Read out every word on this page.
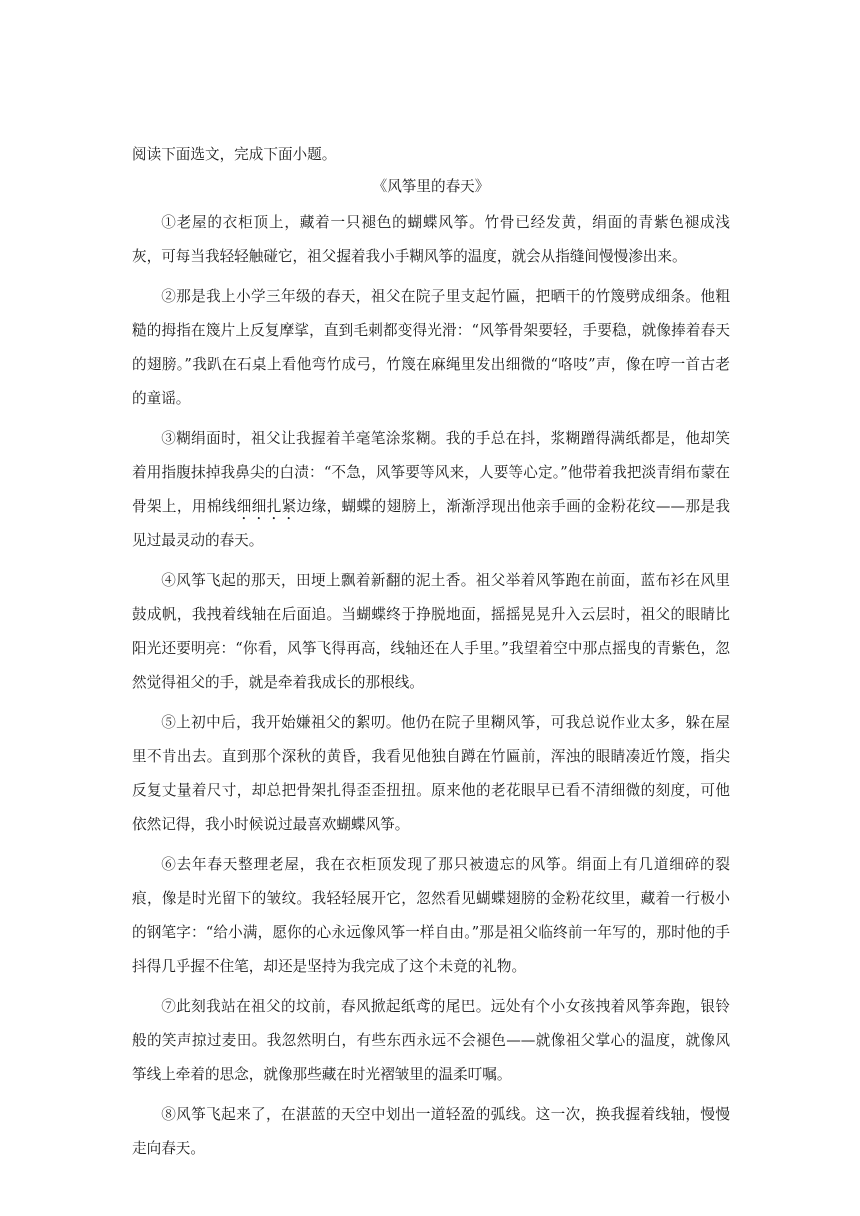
阅读下面选文，完成下面小题。

《风筝里的春天》

①老屋的衣柜顶上，藏着一只褪色的蝴蝶风筝。竹骨已经发黄，绢面的青紫色褪成浅灰，可每当我轻轻触碰它，祖父握着我小手糊风筝的温度，就会从指缝间慢慢渗出来。

②那是我上小学三年级的春天，祖父在院子里支起竹匾，把晒干的竹篾劈成细条。他粗糙的拇指在篾片上反复摩挲，直到毛刺都变得光滑：“风筝骨架要轻，手要稳，就像捧着春天的翅膀。”我趴在石桌上看他弯竹成弓，竹篾在麻绳里发出细微的“咯吱”声，像在哼一首古老的童谣。

③糊绢面时，祖父让我握着羊毫笔涂浆糊。我的手总在抖，浆糊蹭得满纸都是，他却笑着用指腹抹掉我鼻尖的白渍：“不急，风筝要等风来，人要等心定。”他带着我把淡青绢布蒙在骨架上，用棉线细细扎紧边缘，蝴蝶的翅膀上，渐渐浮现出他亲手画的金粉花纹——那是我见过最灵动的春天。

④风筝飞起的那天，田埂上飘着新翻的泥土香。祖父举着风筝跑在前面，蓝布衫在风里鼓成帆，我拽着线轴在后面追。当蝴蝶终于挣脱地面，摇摇晃晃升入云层时，祖父的眼睛比阳光还要明亮：“你看，风筝飞得再高，线轴还在人手里。”我望着空中那点摇曳的青紫色，忽然觉得祖父的手，就是牵着我成长的那根线。

⑤上初中后，我开始嫌祖父的絮叨。他仍在院子里糊风筝，可我总说作业太多，躲在屋里不肯出去。直到那个深秋的黄昏，我看见他独自蹲在竹匾前，浑浊的眼睛凑近竹篾，指尖反复丈量着尺寸，却总把骨架扎得歪歪扭扭。原来他的老花眼早已看不清细微的刻度，可他依然记得，我小时候说过最喜欢蝴蝶风筝。

⑥去年春天整理老屋，我在衣柜顶发现了那只被遗忘的风筝。绢面上有几道细碎的裂痕，像是时光留下的皱纹。我轻轻展开它，忽然看见蝴蝶翅膀的金粉花纹里，藏着一行极小的钢笔字：“给小满，愿你的心永远像风筝一样自由。”那是祖父临终前一年写的，那时他的手抖得几乎握不住笔，却还是坚持为我完成了这个未竟的礼物。

⑦此刻我站在祖父的坟前，春风掀起纸鸢的尾巴。远处有个小女孩拽着风筝奔跑，银铃般的笑声掠过麦田。我忽然明白，有些东西永远不会褪色——就像祖父掌心的温度，就像风筝线上牵着的思念，就像那些藏在时光褶皱里的温柔叮嘱。

⑧风筝飞起来了，在湛蓝的天空中划出一道轻盈的弧线。这一次，换我握着线轴，慢慢走向春天。
